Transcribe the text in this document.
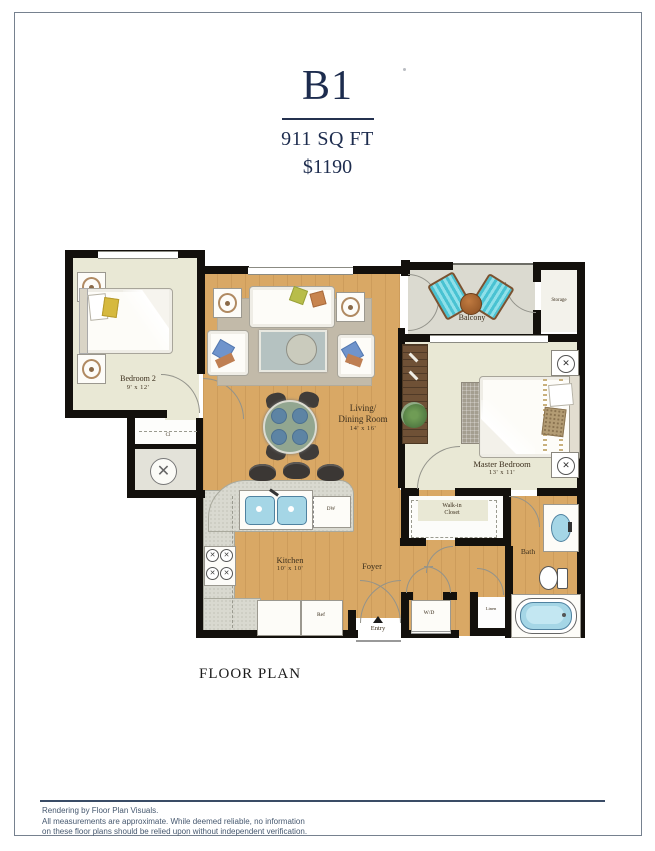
B1
911 SQ FT
$1190
✕
✕
✕
✕
✕
✕
✕
Bedroom 2
9' x 12'
Living/
Dining Room
14' x 16'
Master Bedroom
13' x 11'
Kitchen
10' x 10'	Foyer
Balcony
Storage
Walk-in
Closet
Bath
W/D
Linen
Cl
DW
Ref
Entry
FLOOR PLAN
Rendering by Floor Plan Visuals.
All measurements are approximate. While deemed reliable, no information
on these floor plans should be relied upon without independent verification.
